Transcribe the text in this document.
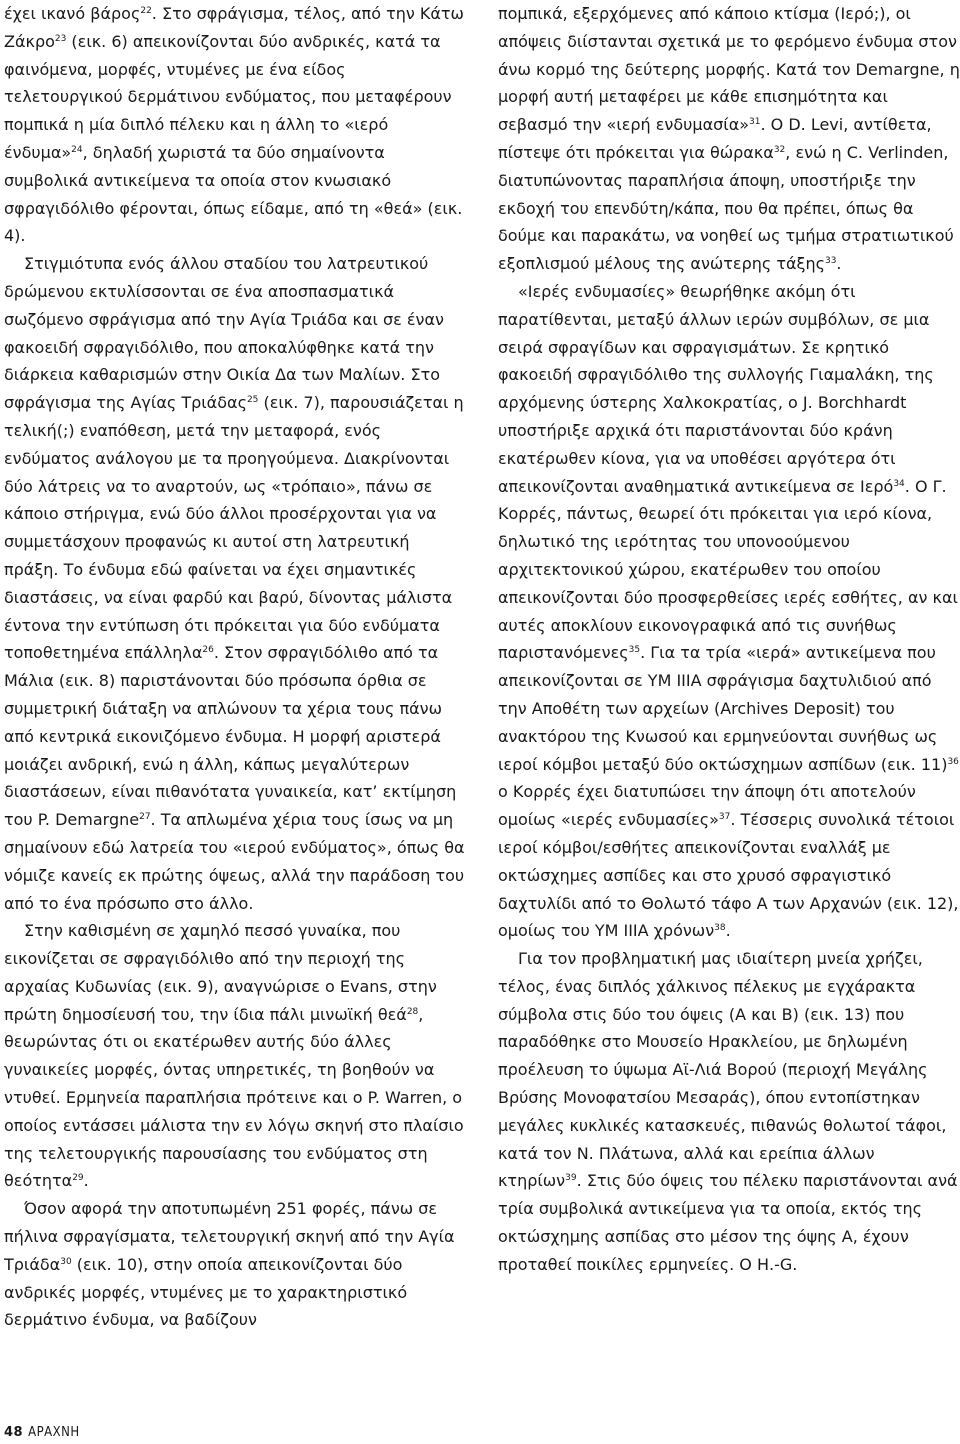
έχει ικανό βάρος$^{22}$. Στο σφράγισμα, τέλος, από την Κάτω Ζάκρο$^{23}$ (εικ. 6) απεικονίζονται δύο ανδρικές, κατά τα φαινόμενα, μορφές, ντυμένες με ένα είδος τελετουργικού δερμάτινου ενδύματος, που μεταφέρουν πομπικά η μία διπλό πέλεκυ και η άλλη το «ιερό ένδυμα»$^{24}$, δηλαδή χωριστά τα δύο σημαίνοντα συμβολικά αντικείμενα τα οποία στον κνωσιακό σφραγιδόλιθο φέρονται, όπως είδαμε, από τη «θεά» (εικ. 4).

Στιγμιότυπα ενός άλλου σταδίου του λατρευτικού δρώμενου εκτυλίσσονται σε ένα αποσπασματικά σωζόμενο σφράγισμα από την Αγία Τριάδα και σε έναν φακοειδή σφραγιδόλιθο, που αποκαλύφθηκε κατά την διάρκεια καθαρισμών στην Οικία Δα των Μαλίων. Στο σφράγισμα της Αγίας Τριάδας$^{25}$ (εικ. 7), παρουσιάζεται η τελική(;) εναπόθεση, μετά την μεταφορά, ενός ενδύματος ανάλογου με τα προηγούμενα. Διακρίνονται δύο λάτρεις να το αναρτούν, ως «τρόπαιο», πάνω σε κάποιο στήριγμα, ενώ δύο άλλοι προσέρχονται για να συμμετάσχουν προφανώς κι αυτοί στη λατρευτική πράξη. Το ένδυμα εδώ φαίνεται να έχει σημαντικές διαστάσεις, να είναι φαρδύ και βαρύ, δίνοντας μάλιστα έντονα την εντύπωση ότι πρόκειται για δύο ενδύματα τοποθετημένα επάλληλα$^{26}$. Στον σφραγιδόλιθο από τα Μάλια (εικ. 8) παριστάνονται δύο πρόσωπα όρθια σε συμμετρική διάταξη να απλώνουν τα χέρια τους πάνω από κεντρικά εικονιζόμενο ένδυμα. Η μορφή αριστερά μοιάζει ανδρική, ενώ η άλλη, κάπως μεγαλύτερων διαστάσεων, είναι πιθανότατα γυναικεία, κατ’ εκτίμηση του P. Demargne$^{27}$. Τα απλωμένα χέρια τους ίσως να μη σημαίνουν εδώ λατρεία του «ιερού ενδύματος», όπως θα νόμιζε κανείς εκ πρώτης όψεως, αλλά την παράδοση του από το ένα πρόσωπο στο άλλο.

Στην καθισμένη σε χαμηλό πεσσό γυναίκα, που εικονίζεται σε σφραγιδόλιθο από την περιοχή της αρχαίας Κυδωνίας (εικ. 9), αναγνώρισε ο Evans, στην πρώτη δημοσίευσή του, την ίδια πάλι μινωϊκή θεά$^{28}$, θεωρώντας ότι οι εκατέρωθεν αυτής δύο άλλες γυναικείες μορφές, όντας υπηρετικές, τη βοηθούν να ντυθεί. Ερμηνεία παραπλήσια πρότεινε και ο P. Warren, ο οποίος εντάσσει μάλιστα την εν λόγω σκηνή στο πλαίσιο της τελετουργικής παρουσίασης του ενδύματος στη θεότητα$^{29}$.

Όσον αφορά την αποτυπωμένη 251 φορές, πάνω σε πήλινα σφραγίσματα, τελετουργική σκηνή από την Αγία Τριάδα$^{30}$ (εικ. 10), στην οποία απεικονίζονται δύο ανδρικές μορφές, ντυμένες με το χαρακτηριστικό δερμάτινο ένδυμα, να βαδίζουν

πομπικά, εξερχόμενες από κάποιο κτίσμα (Ιερό;), οι απόψεις διίστανται σχετικά με το φερόμενο ένδυμα στον άνω κορμό της δεύτερης μορφής. Κατά τον Demargne, η μορφή αυτή μεταφέρει με κάθε επισημότητα και σεβασμό την «ιερή ενδυμασία»$^{31}$. Ο D. Levi, αντίθετα, πίστεψε ότι πρόκειται για θώρακα$^{32}$, ενώ η C. Verlinden, διατυπώνοντας παραπλήσια άποψη, υποστήριξε την εκδοχή του επενδύτη/κάπα, που θα πρέπει, όπως θα δούμε και παρακάτω, να νοηθεί ως τμήμα στρατιωτικού εξοπλισμού μέλους της ανώτερης τάξης$^{33}$.

«Ιερές ενδυμασίες» θεωρήθηκε ακόμη ότι παρατίθενται, μεταξύ άλλων ιερών συμβόλων, σε μια σειρά σφραγίδων και σφραγισμάτων. Σε κρητικό φακοειδή σφραγιδόλιθο της συλλογής Γιαμαλάκη, της αρχόμενης ύστερης Χαλκοκρατίας, ο J. Borchhardt υποστήριξε αρχικά ότι παριστάνονται δύο κράνη εκατέρωθεν κίονα, για να υποθέσει αργότερα ότι απεικονίζονται αναθηματικά αντικείμενα σε Ιερό$^{34}$. Ο Γ. Κορρές, πάντως, θεωρεί ότι πρόκειται για ιερό κίονα, δηλωτικό της ιερότητας του υπονοούμενου αρχιτεκτονικού χώρου, εκατέρωθεν του οποίου απεικονίζονται δύο προσφερθείσες ιερές εσθήτες, αν και αυτές αποκλίουν εικονογραφικά από τις συνήθως παριστανόμενες$^{35}$. Για τα τρία «ιερά» αντικείμενα που απεικονίζονται σε ΥΜ ΙΙΙΑ σφράγισμα δαχτυλιδιού από την Αποθέτη των αρχείων (Archives Deposit) του ανακτόρου της Κνωσού και ερμηνεύονται συνήθως ως ιεροί κόμβοι μεταξύ δύο οκτώσχημων ασπίδων (εικ. 11)$^{36}$ ο Κορρές έχει διατυπώσει την άποψη ότι αποτελούν ομοίως «ιερές ενδυμασίες»$^{37}$. Τέσσερις συνολικά τέτοιοι ιεροί κόμβοι/εσθήτες απεικονίζονται εναλλάξ με οκτώσχημες ασπίδες και στο χρυσό σφραγιστικό δαχτυλίδι από το Θολωτό τάφο Α των Αρχανών (εικ. 12), ομοίως του ΥΜ ΙΙΙΑ χρόνων$^{38}$.

Για τον προβληματική μας ιδιαίτερη μνεία χρήζει, τέλος, ένας διπλός χάλκινος πέλεκυς με εγχάρακτα σύμβολα στις δύο του όψεις (Α και Β) (εικ. 13) που παραδόθηκε στο Μουσείο Ηρακλείου, με δηλωμένη προέλευση το ύψωμα Αϊ-Λιά Βορού (περιοχή Μεγάλης Βρύσης Μονοφατσίου Μεσαράς), όπου εντοπίστηκαν μεγάλες κυκλικές κατασκευές, πιθανώς θολωτοί τάφοι, κατά τον Ν. Πλάτωνα, αλλά και ερείπια άλλων κτηρίων$^{39}$. Στις δύο όψεις του πέλεκυ παριστάνονται ανά τρία συμβολικά αντικείμενα για τα οποία, εκτός της οκτώσχημης ασπίδας στο μέσον της όψης Α, έχουν προταθεί ποικίλες ερμηνείες. Ο Η.-G.

48 ΑΡΑΧΝΗ
